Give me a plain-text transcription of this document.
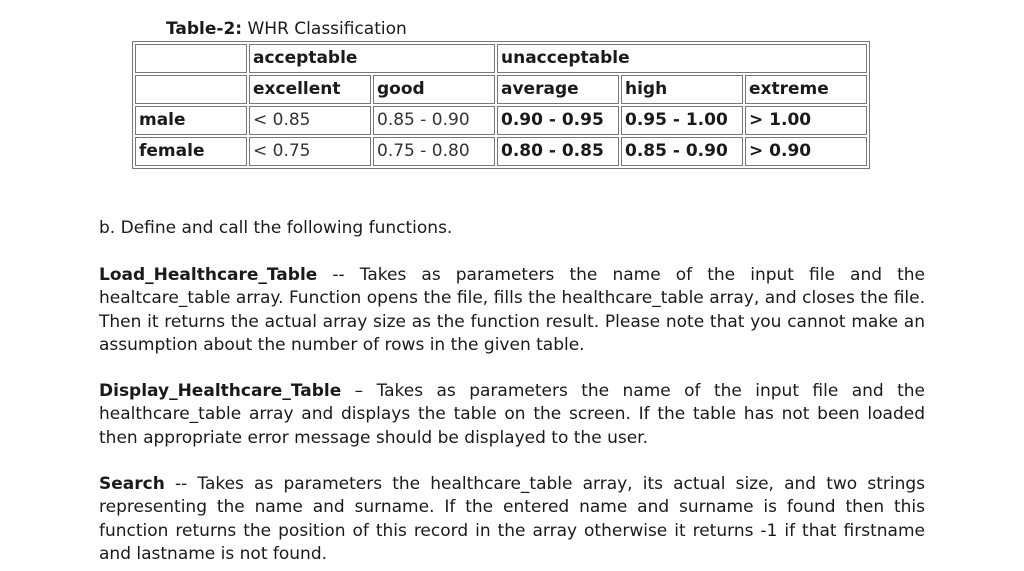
Table-2: WHR Classification
	acceptable		unacceptable		
	excellent	good	average	high	extreme
male	< 0.85	0.85 - 0.90	0.90 - 0.95	0.95 - 1.00	> 1.00
female	< 0.75	0.75 - 0.80	0.80 - 0.85	0.85 - 0.90	> 0.90
b. Define and call the following functions.
Load_Healthcare_Table -- Takes as parameters the name of the input file and the healtcare_table array. Function opens the file, fills the healthcare_table array, and closes the file. Then it returns the actual array size as the function result. Please note that you cannot make an assumption about the number of rows in the given table.
Display_Healthcare_Table – Takes as parameters the name of the input file and the healthcare_table array and displays the table on the screen. If the table has not been loaded then appropriate error message should be displayed to the user.
Search -- Takes as parameters the healthcare_table array, its actual size, and two strings representing the name and surname. If the entered name and surname is found then this function returns the position of this record in the array otherwise it returns -1 if that firstname and lastname is not found.
